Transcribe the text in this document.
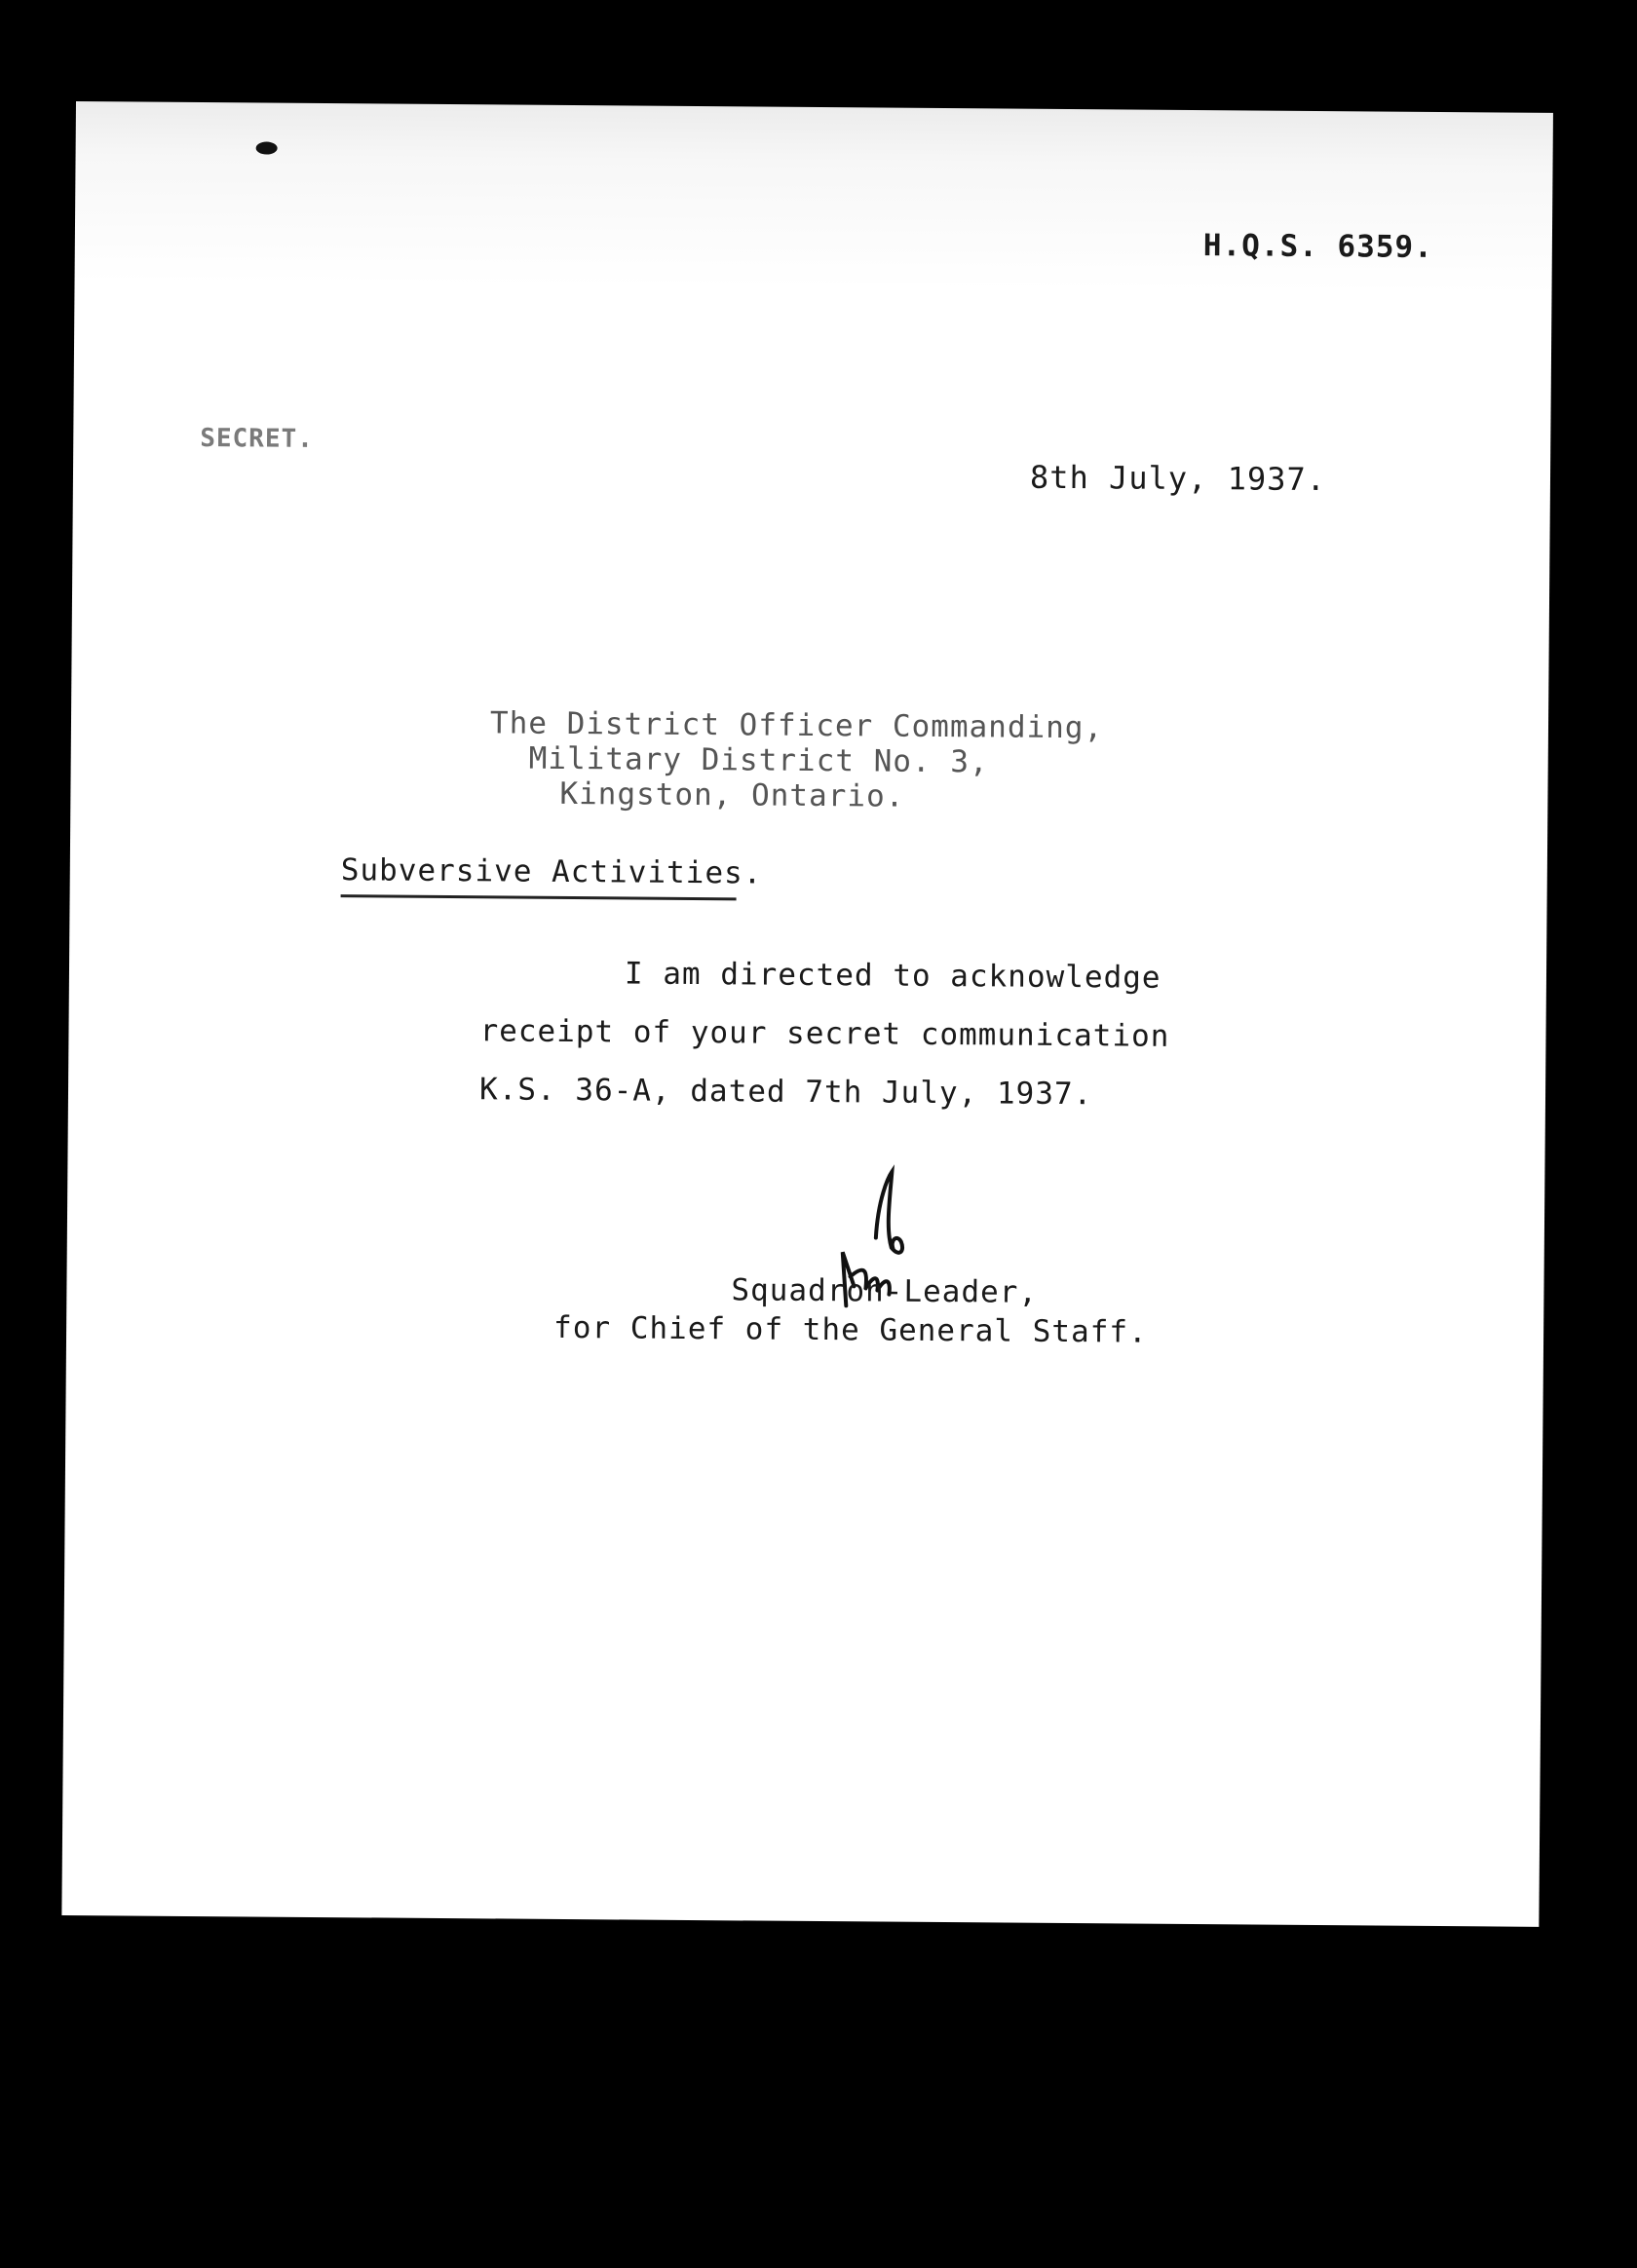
H.Q.S. 6359.
SECRET.
8th July, 1937.
The District Officer Commanding,
Military District No. 3,
Kingston, Ontario.
Subversive Activities.
I am directed to acknowledge
receipt of your secret communication
K.S. 36-A, dated 7th July, 1937.
Squadron-Leader,
for Chief of the General Staff.
